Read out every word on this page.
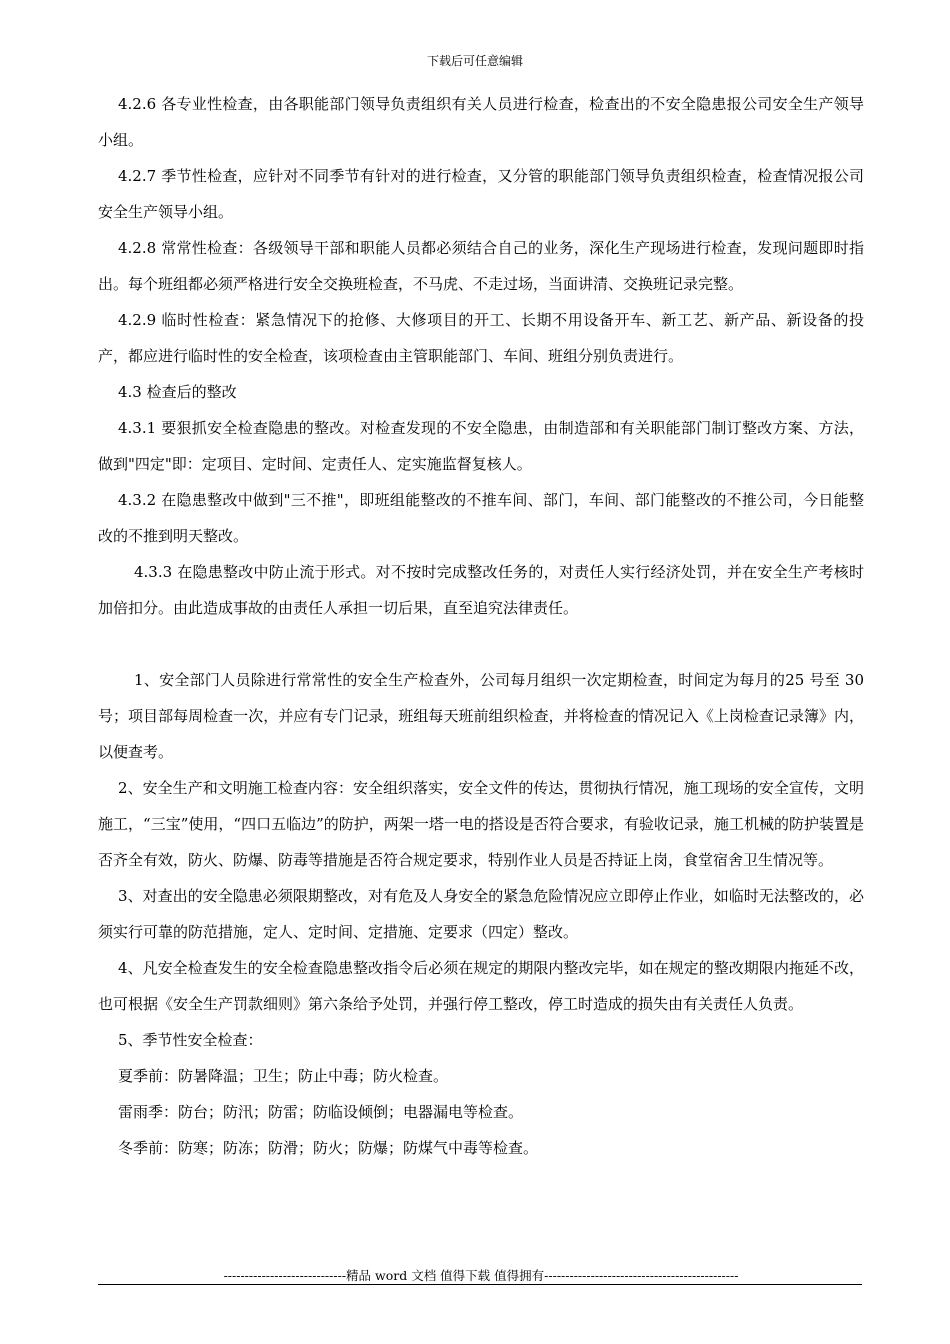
下载后可任意编辑

4.2.6 各专业性检查，由各职能部门领导负责组织有关人员进行检查，检查出的不安全隐患报公司安全生产领导小组。

4.2.7 季节性检查，应针对不同季节有针对的进行检查，又分管的职能部门领导负责组织检查，检查情况报公司安全生产领导小组。

4.2.8 常常性检查：各级领导干部和职能人员都必须结合自己的业务，深化生产现场进行检查，发现问题即时指出。每个班组都必须严格进行安全交换班检查，不马虎、不走过场，当面讲清、交换班记录完整。

4.2.9 临时性检查：紧急情况下的抢修、大修项目的开工、长期不用设备开车、新工艺、新产品、新设备的投产，都应进行临时性的安全检查，该项检查由主管职能部门、车间、班组分别负责进行。

4.3 检查后的整改

4.3.1 要狠抓安全检查隐患的整改。对检查发现的不安全隐患，由制造部和有关职能部门制订整改方案、方法，做到"四定"即：定项目、定时间、定责任人、定实施监督复核人。

4.3.2 在隐患整改中做到"三不推"，即班组能整改的不推车间、部门，车间、部门能整改的不推公司，今日能整改的不推到明天整改。

4.3.3 在隐患整改中防止流于形式。对不按时完成整改任务的，对责任人实行经济处罚，并在安全生产考核时加倍扣分。由此造成事故的由责任人承担一切后果，直至追究法律责任。

1、安全部门人员除进行常常性的安全生产检查外，公司每月组织一次定期检查，时间定为每月的25 号至 30 号；项目部每周检查一次，并应有专门记录，班组每天班前组织检查，并将检查的情况记入《上岗检查记录簿》内，以便查考。

2、安全生产和文明施工检查内容：安全组织落实，安全文件的传达，贯彻执行情况，施工现场的安全宣传，文明施工，“三宝”使用，“四口五临边”的防护，两架一塔一电的搭设是否符合要求，有验收记录，施工机械的防护装置是否齐全有效，防火、防爆、防毒等措施是否符合规定要求，特别作业人员是否持证上岗，食堂宿舍卫生情况等。

3、对查出的安全隐患必须限期整改，对有危及人身安全的紧急危险情况应立即停止作业，如临时无法整改的，必须实行可靠的防范措施，定人、定时间、定措施、定要求（四定）整改。

4、凡安全检查发生的安全检查隐患整改指令后必须在规定的期限内整改完毕，如在规定的整改期限内拖延不改，也可根据《安全生产罚款细则》第六条给予处罚，并强行停工整改，停工时造成的损失由有关责任人负责。

5、季节性安全检查：

夏季前：防暑降温；卫生；防止中毒；防火检查。

雷雨季：防台；防汛；防雷；防临设倾倒；电器漏电等检查。

冬季前：防寒；防冻；防滑；防火；防爆；防煤气中毒等检查。

-----------------------------精品 word 文档 值得下载 值得拥有----------------------------------------------
